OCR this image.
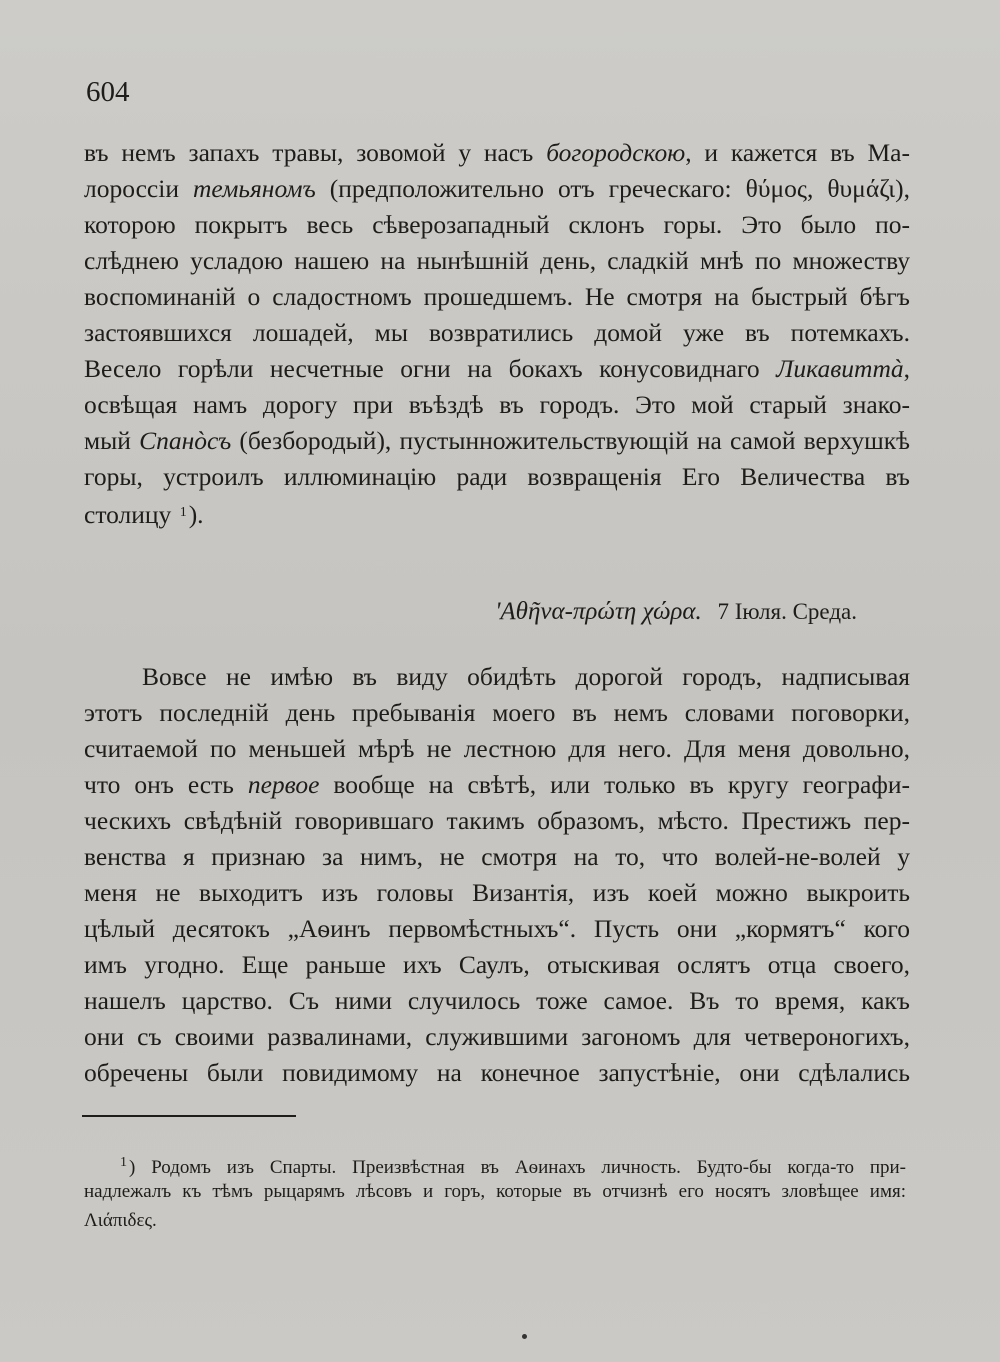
604
въ немъ запахъ травы, зовомой у насъ богородскою, и кажется въ Ма-
лороссiи темьяномъ (предположительно отъ греческаго: θύμος, θυμάζι),
которою покрытъ весь сѣверозападный склонъ горы. Это было по-
слѣднею усладою нашею на нынѣшнiй день, сладкiй мнѣ по множеству
воспоминанiй о сладостномъ прошедшемъ. Не смотря на быстрый бѣгъ
застоявшихся лошадей, мы возвратились домой уже въ потемкахъ.
Весело горѣли несчетные огни на бокахъ конусовиднаго Ликавиттà,
освѣщая намъ дорогу при въѣздѣ въ городъ. Это мой старый знако-
мый Спанòсъ (безбородый), пустынножительствующiй на самой верхушкѣ
горы, устроилъ иллюминацiю ради возвращенiя Его Величества въ
столицу $^1$).
'Αθῆνα-πρώτη χώρα. 7 Iюля. Среда.
Вовсе не имѣю въ виду обидѣть дорогой городъ, надписывая
этотъ последнiй день пребыванiя моего въ немъ словами поговорки,
считаемой по меньшей мѣрѣ не лестною для него. Для меня довольно,
что онъ есть первое вообще на свѣтѣ, или только въ кругу географи-
ческихъ свѣдѣнiй говорившаго такимъ образомъ, мѣсто. Престижъ пер-
венства я признаю за нимъ, не смотря на то, что волей-не-волей у
меня не выходитъ изъ головы Византiя, изъ коей можно выкроить
цѣлый десятокъ „Аѳинъ первомѣстныхъ“. Пусть они „кормятъ“ кого
имъ угодно. Еще раньше ихъ Саулъ, отыскивая ослятъ отца своего,
нашелъ царство. Съ ними случилось тоже самое. Въ то время, какъ
они съ своими развалинами, служившими загономъ для четвероногихъ,
обречены были повидимому на конечное запустѣнiе, они сдѣлались
$^1$ ) Родомъ изъ Спарты. Преизвѣстная въ Аѳинахъ личность. Будто-бы когда-то при-
надлежалъ къ тѣмъ рыцарямъ лѣсовъ и горъ, которые въ отчизнѣ его носятъ зловѣщее имя:
Λιάπιδες.
